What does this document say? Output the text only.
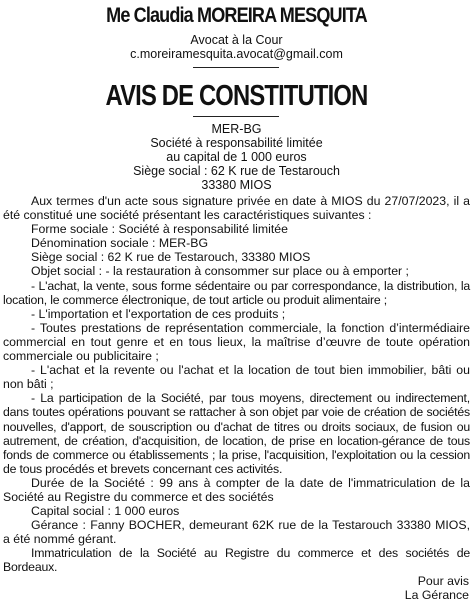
Me Claudia MOREIRA MESQUITA
Avocat à la Cour
c.moreiramesquita.avocat@gmail.com
AVIS DE CONSTITUTION
MER-BG
Société à responsabilité limitée
au capital de 1 000 euros
Siège social : 62 K rue de Testarouch
33380 MIOS

Aux termes d'un acte sous signature privée en date à MIOS du 27/07/2023, il a été constitué une société présentant les caractéristiques suivantes :

Forme sociale : Société à responsabilité limitée

Dénomination sociale : MER-BG

Siège social : 62 K rue de Testarouch, 33380 MIOS

Objet social : - la restauration à consommer sur place ou à emporter ;

- L'achat, la vente, sous forme sédentaire ou par correspondance, la distribution, la location, le commerce électronique, de tout article ou produit alimentaire ;

- L'importation et l'exportation de ces produits ;

- Toutes prestations de représentation commerciale, la fonction d’intermédiaire commercial en tout genre et en tous lieux, la maîtrise d’œuvre de toute opération commerciale ou publicitaire ;

- L'achat et la revente ou l'achat et la location de tout bien immobilier, bâti ou non bâti ;

- La participation de la Société, par tous moyens, directement ou indirectement, dans toutes opérations pouvant se rattacher à son objet par voie de création de sociétés nouvelles, d'apport, de souscription ou d'achat de titres ou droits sociaux, de fusion ou autrement, de création, d'acquisition, de location, de prise en location-gérance de tous fonds de commerce ou établissements ; la prise, l'acquisition, l'exploitation ou la cession de tous procédés et brevets concernant ces activités.

Durée de la Société : 99 ans à compter de la date de l'immatriculation de la Société au Registre du commerce et des sociétés

Capital social : 1 000 euros

Gérance : Fanny BOCHER, demeurant 62K rue de la Testarouch 33380 MIOS, a été nommé gérant.

Immatriculation de la Société au Registre du commerce et des sociétés de Bordeaux.

Pour avis
La Gérance
